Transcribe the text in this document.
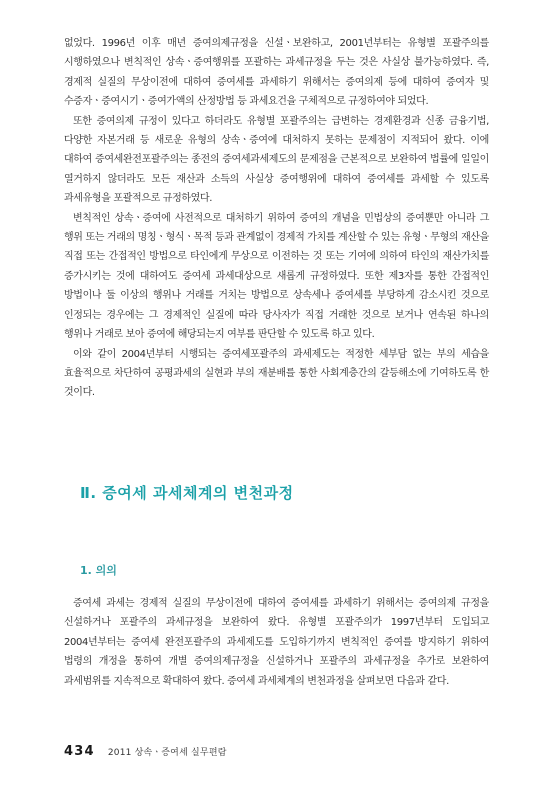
없었다. 1996년 이후 매년 증여의제규정을 신설ㆍ보완하고, 2001년부터는 유형별 포괄주의를 시행하였으나 변칙적인 상속ㆍ증여행위를 포괄하는 과세규정을 두는 것은 사실상 불가능하였다. 즉, 경제적 실질의 무상이전에 대하여 증여세를 과세하기 위해서는 증여의제 등에 대하여 증여자 및 수증자ㆍ증여시기ㆍ증여가액의 산정방법 등 과세요건을 구체적으로 규정하여야 되었다.

또한 증여의제 규정이 있다고 하더라도 유형별 포괄주의는 급변하는 경제환경과 신종 금융기법, 다양한 자본거래 등 새로운 유형의 상속ㆍ증여에 대처하지 못하는 문제점이 지적되어 왔다. 이에 대하여 증여세완전포괄주의는 종전의 증여세과세제도의 문제점을 근본적으로 보완하여 법률에 일일이 열거하지 않더라도 모든 재산과 소득의 사실상 증여행위에 대하여 증여세를 과세할 수 있도록 과세유형을 포괄적으로 규정하였다.

변칙적인 상속ㆍ증여에 사전적으로 대처하기 위하여 증여의 개념을 민법상의 증여뿐만 아니라 그 행위 또는 거래의 명칭ㆍ형식ㆍ목적 등과 관계없이 경제적 가치를 계산할 수 있는 유형ㆍ무형의 재산을 직접 또는 간접적인 방법으로 타인에게 무상으로 이전하는 것 또는 기여에 의하여 타인의 재산가치를 증가시키는 것에 대하여도 증여세 과세대상으로 새롭게 규정하였다. 또한 제3자를 통한 간접적인 방법이나 둘 이상의 행위나 거래를 거치는 방법으로 상속세나 증여세를 부당하게 감소시킨 것으로 인정되는 경우에는 그 경제적인 실질에 따라 당사자가 직접 거래한 것으로 보거나 연속된 하나의 행위나 거래로 보아 증여에 해당되는지 여부를 판단할 수 있도록 하고 있다.

이와 같이 2004년부터 시행되는 증여세포괄주의 과세제도는 적정한 세부담 없는 부의 세습을 효율적으로 차단하여 공평과세의 실현과 부의 재분배를 통한 사회계층간의 갈등해소에 기여하도록 한 것이다.

Ⅱ. 증여세 과세체계의 변천과정
1. 의의

증여세 과세는 경제적 실질의 무상이전에 대하여 증여세를 과세하기 위해서는 증여의제 규정을 신설하거나 포괄주의 과세규정을 보완하여 왔다. 유형별 포괄주의가 1997년부터 도입되고 2004년부터는 증여세 완전포괄주의 과세제도를 도입하기까지 변칙적인 증여를 방지하기 위하여 법령의 개정을 통하여 개별 증여의제규정을 신설하거나 포괄주의 과세규정을 추가로 보완하여 과세범위를 지속적으로 확대하여 왔다. 증여세 과세체계의 변천과정을 살펴보면 다음과 같다.

434 2011 상속ㆍ증여세 실무편람
